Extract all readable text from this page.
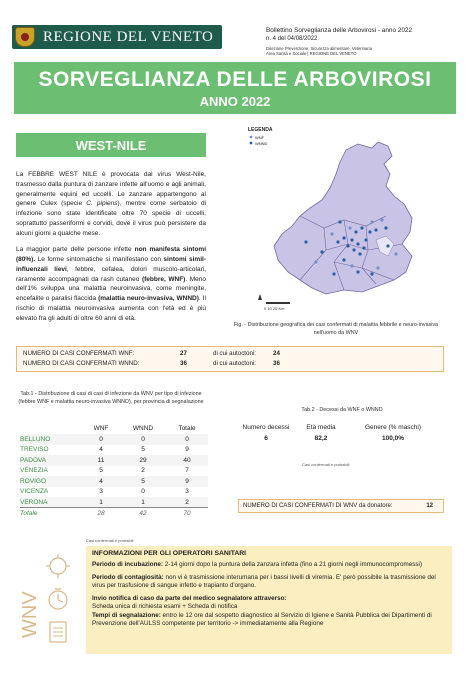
REGIONE DEL VENETO	Bollettino Sorveglianza delle Arbovirosi - anno 2022
n. 4 del 04/08/2022
Direzione Prevenzione, Sicurezza alimentare, Veterinaria
Area Sanità e Sociale | REGIONE DEL VENETO
SORVEGLIANZA DELLE ARBOVIROSI
ANNO 2022
WEST-NILE

La FEBBRE WEST NILE è provocata dal virus West-Nile, trasmesso dalla puntura di zanzare infette all'uomo e agli animali, generalmente equini ed uccelli. Le zanzare appartengono al genere Culex (specie C. pipiens), mentre come serbatoio di infezione sono state identificate oltre 70 specie di uccelli, soprattutto passeriformi e corvidi, dove il virus può persistere da alcuni giorni a qualche mese.

La maggior parte delle persone infette non manifesta sintomi (80%). Le forme sintomatiche si manifestano con sintomi simil-influenzali lievi, febbre, cefalea, dolori muscolo-articolari, raramente accompagnati da rash cutaneo (febbre, WNF). Meno dell'1% sviluppa una malattia neuroinvasiva, come meningite, encefalite o paralisi flaccida (malattia neuro-invasiva, WNND). Il rischio di malattia neuroinvasiva aumenta con l'età ed è più elevato fra gli adulti di oltre 60 anni di età.

LEGENDA
WNF
WNND
0 10 20 Km
Fig. - Distribuzione geografica dei casi confermati di malattia febbrile e neuro-invasiva nell'uomo da WNV
NUMERO DI CASI CONFERMATI WNF:	27	di cui autoctoni:	24
NUMERO DI CASI CONFERMATI WNND:	36	di cui autoctoni:	36
Tab.1 - Distribuzione di casi di casi di infezione da WNV per tipo di infezione (febbre WNF e malattia neuro-invasiva WNND), per provincia di segnalazione
	WNF	WNND	Totale
BELLUNO	0	0	0
TREVISO	4	5	9
PADOVA	11	29	40
VENEZIA	5	2	7
ROVIGO	4	5	9
VICENZA	3	0	3
VERONA	1	1	2
Totale	28	42	70
Tab.2 - Decessi da WNF o WNND
Numero decessi	Età media	Genere (% maschi)
6	82,2	100,0%
Casi confermati e probabili
NUMERO DI CASI CONFERMATI DI WNV da donatore:	12
Casi confermati e probabili
WNV
INFORMAZIONI PER GLI OPERATORI SANITARI
Periodo di incubazione: 2-14 giorni dopo la puntura della zanzara infetta (fino a 21 giorni negli immunocompromessi)
Periodo di contagiosità: non vi è trasmissione interumana per i bassi livelli di viremia. E' però possibile la trasmissione del virus per trasfusione di sangue infetto e trapianto d'organo.
Invio notifica di caso da parte del medico segnalatore attraverso:
Scheda unica di richiesta esami + Scheda di notifica
Tempi di segnalazione: entro le 12 ore dal sospetto diagnostico al Servizio di Igiene e Sanità Pubblica dei Dipartimenti di Prevenzione dell'AULSS competente per territorio -> immediatamente alla Regione
